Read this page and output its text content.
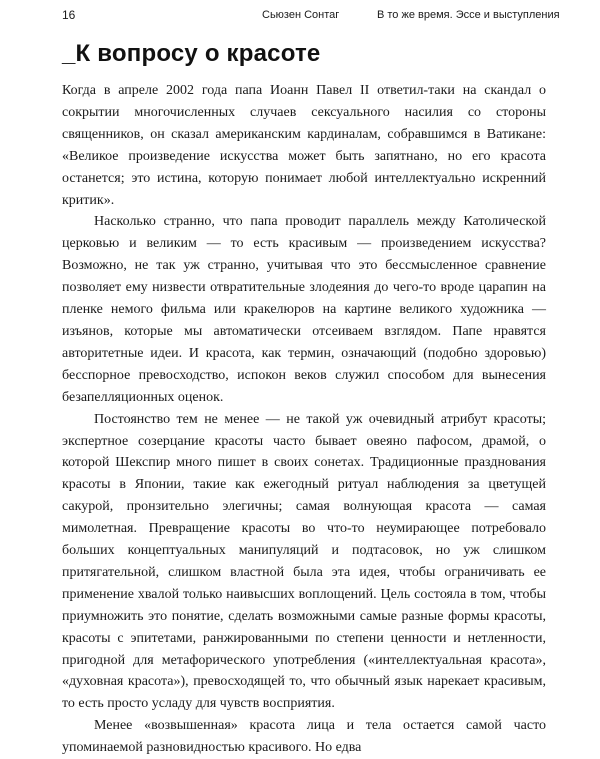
16	Сьюзен Сонтаг	В то же время. Эссе и выступления
_К вопросу о красоте

Когда в апреле 2002 года папа Иоанн Павел II ответил-таки на скандал о сокрытии многочисленных случаев сексуального насилия со стороны священников, он сказал американским кардиналам, собравшимся в Ватикане: «Великое произведение искусства может быть запятнано, но его красота останется; это истина, которую понимает любой интеллектуально искренний критик».

Насколько странно, что папа проводит параллель между Католической церковью и великим — то есть красивым — произведением искусства? Возможно, не так уж странно, учитывая что это бессмысленное сравнение позволяет ему низвести отвратительные злодеяния до чего-то вроде царапин на пленке немого фильма или кракелюров на картине великого художника — изъянов, которые мы автоматически отсеиваем взглядом. Папе нравятся авторитетные идеи. И красота, как термин, означающий (подобно здоровью) бесспорное превосходство, испокон веков служил способом для вынесения безапелляционных оценок.

Постоянство тем не менее — не такой уж очевидный атрибут красоты; экспертное созерцание красоты часто бывает овеяно пафосом, драмой, о которой Шекспир много пишет в своих сонетах. Традиционные празднования красоты в Японии, такие как ежегодный ритуал наблюдения за цветущей сакурой, пронзительно элегичны; самая волнующая красота — самая мимолетная. Превращение красоты во что-то неумирающее потребовало больших концептуальных манипуляций и подтасовок, но уж слишком притягательной, слишком властной была эта идея, чтобы ограничивать ее применение хвалой только наивысших воплощений. Цель состояла в том, чтобы приумножить это понятие, сделать возможными самые разные формы красоты, красоты с эпитетами, ранжированными по степени ценности и нетленности, пригодной для метафорического употребления («интеллектуальная красота», «духовная красота»), превосходящей то, что обычный язык нарекает красивым, то есть просто усладу для чувств восприятия.

Менее «возвышенная» красота лица и тела остается самой часто упоминаемой разновидностью красивого. Но едва
